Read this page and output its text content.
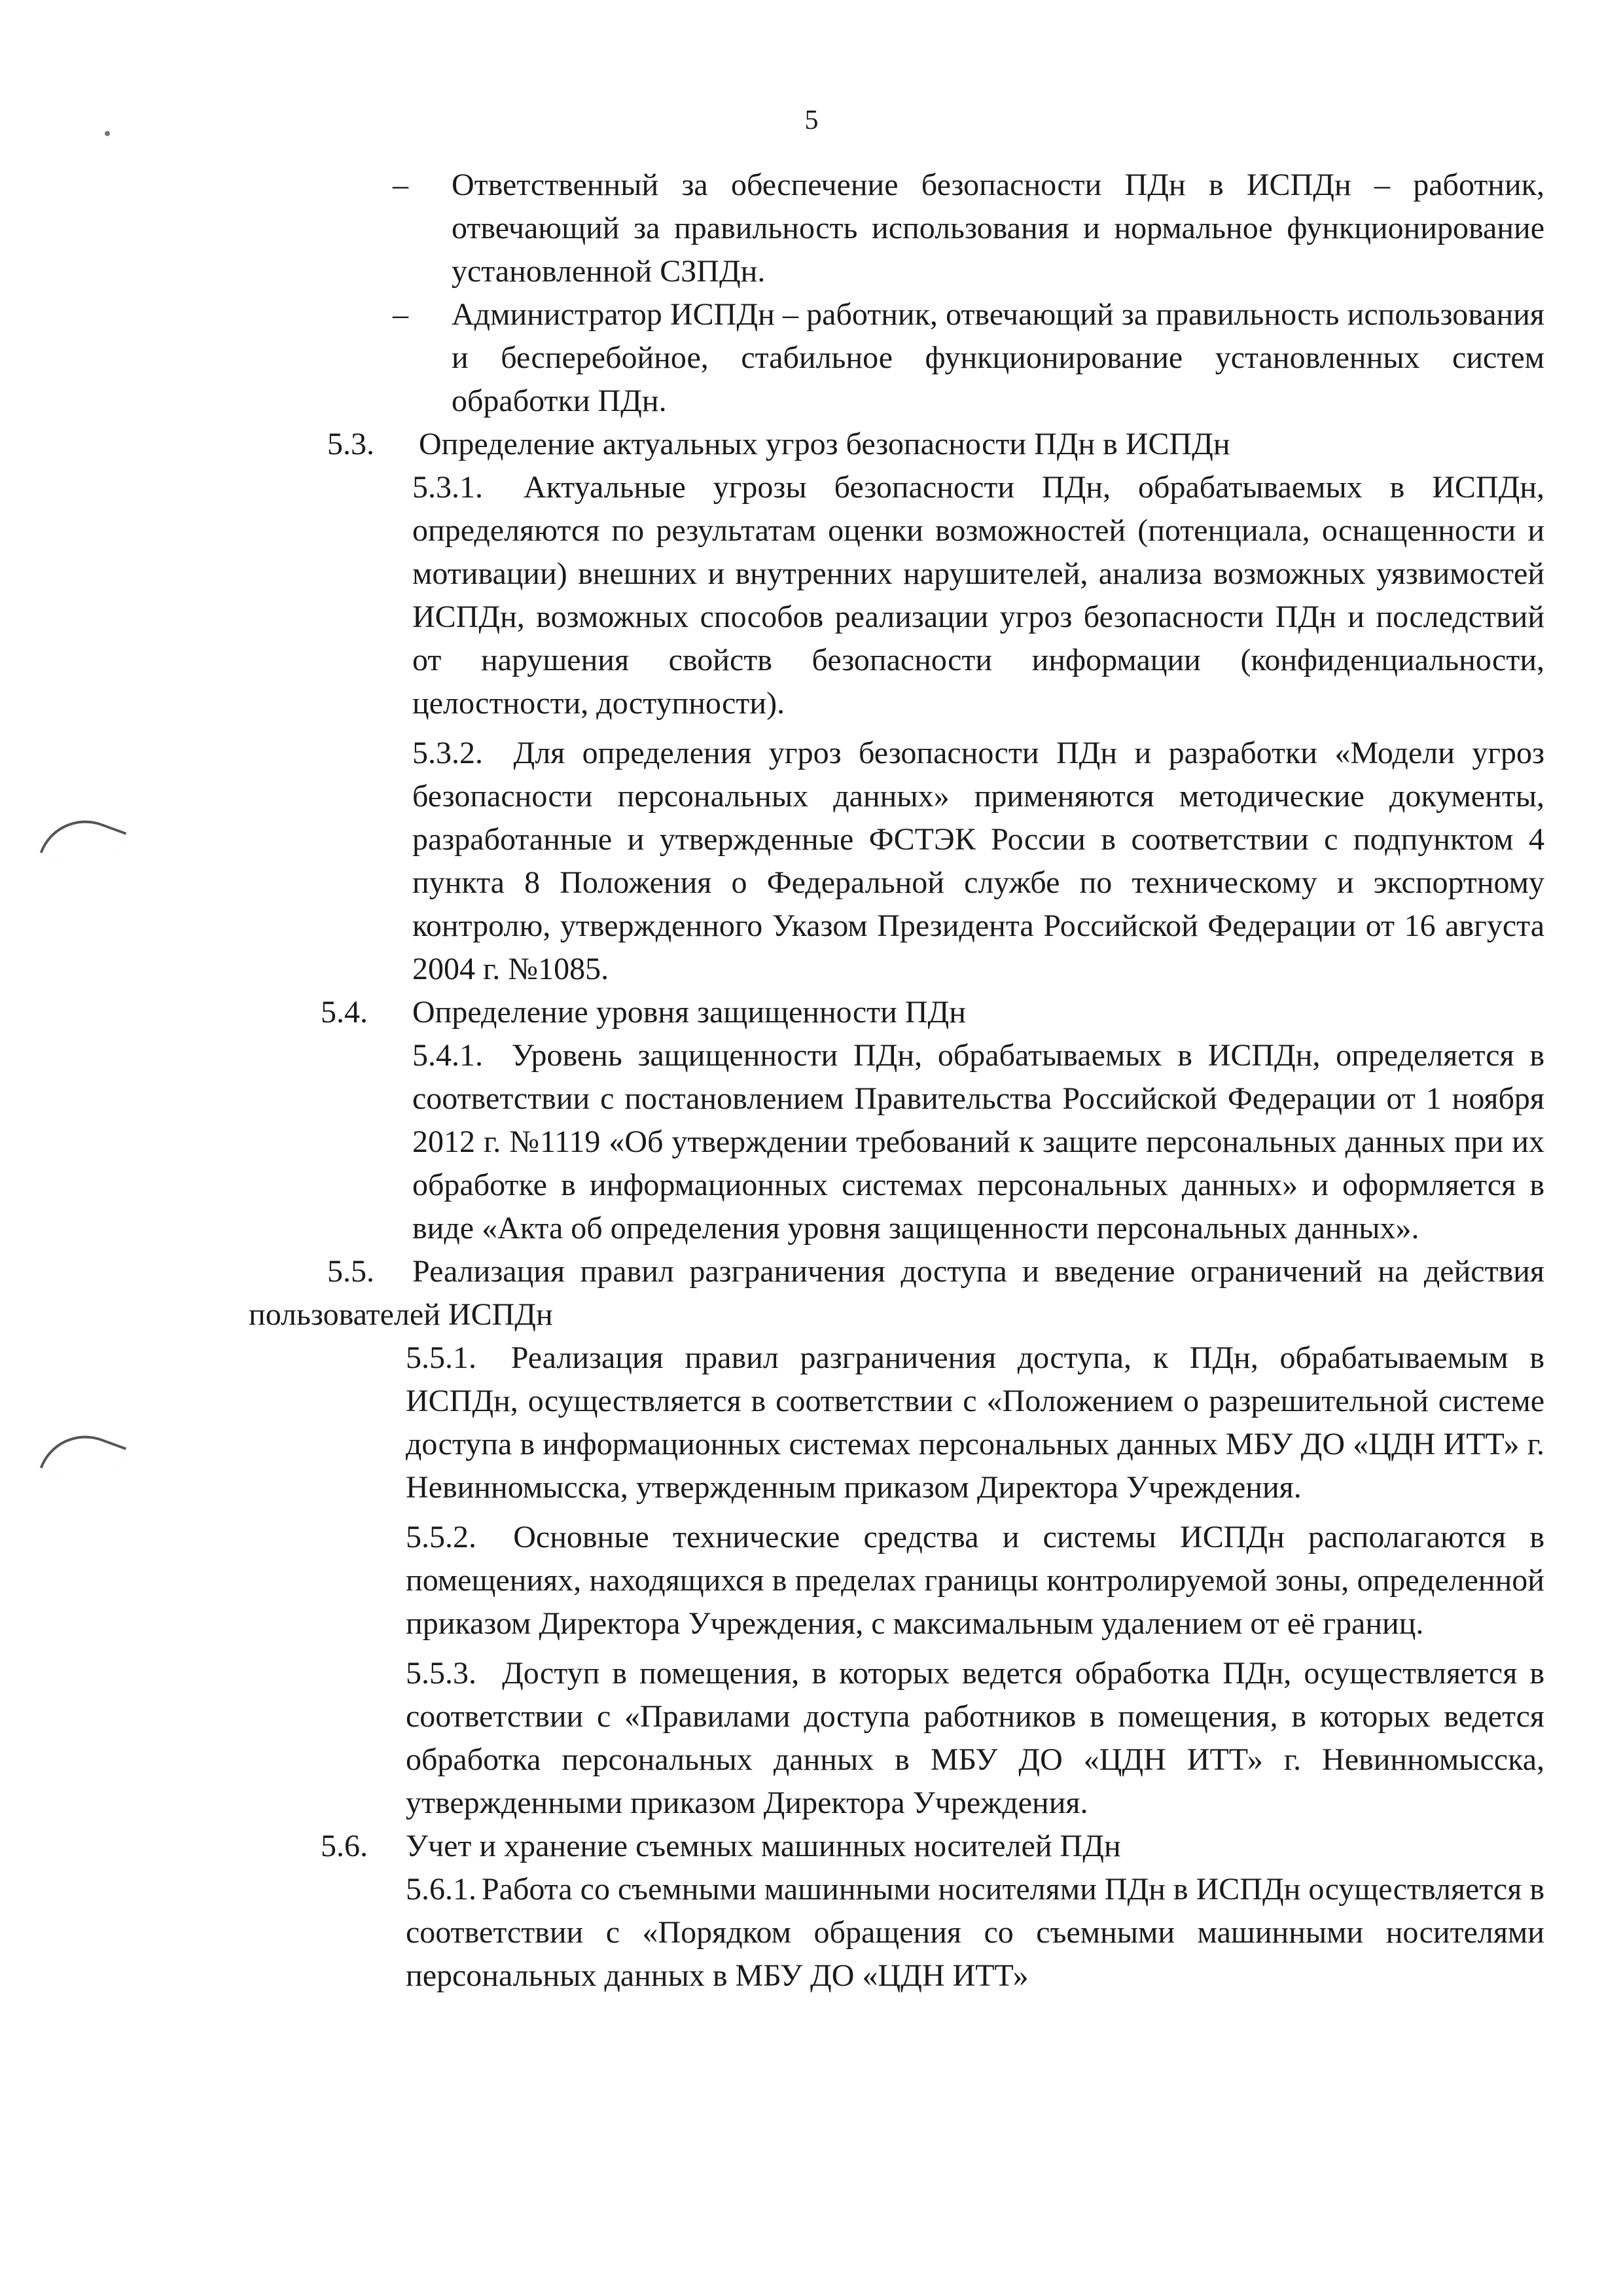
5
– Ответственный за обеспечение безопасности ПДн в ИСПДн – работник, отвечающий за правильность использования и нормальное функционирование установленной СЗПДн.
– Администратор ИСПДн – работник, отвечающий за правильность использования и бесперебойное, стабильное функционирование установленных систем обработки ПДн.
5.3. Определение актуальных угроз безопасности ПДн в ИСПДн
5.3.1. Актуальные угрозы безопасности ПДн, обрабатываемых в ИСПДн, определяются по результатам оценки возможностей (потенциала, оснащенности и мотивации) внешних и внутренних нарушителей, анализа возможных уязвимостей ИСПДн, возможных способов реализации угроз безопасности ПДн и последствий от нарушения свойств безопасности информации (конфиденциальности, целостности, доступности).
5.3.2. Для определения угроз безопасности ПДн и разработки «Модели угроз безопасности персональных данных» применяются методические документы, разработанные и утвержденные ФСТЭК России в соответствии с подпунктом 4 пункта 8 Положения о Федеральной службе по техническому и экспортному контролю, утвержденного Указом Президента Российской Федерации от 16 августа 2004 г. №1085.
5.4. Определение уровня защищенности ПДн
5.4.1. Уровень защищенности ПДн, обрабатываемых в ИСПДн, определяется в соответствии с постановлением Правительства Российской Федерации от 1 ноября 2012 г. №1119 «Об утверждении требований к защите персональных данных при их обработке в информационных системах персональных данных» и оформляется в виде «Акта об определения уровня защищенности персональных данных».
5.5. Реализация правил разграничения доступа и введение ограничений на действия пользователей ИСПДн
5.5.1. Реализация правил разграничения доступа, к ПДн, обрабатываемым в ИСПДн, осуществляется в соответствии с «Положением о разрешительной системе доступа в информационных системах персональных данных МБУ ДО «ЦДН ИТТ» г. Невинномысска, утвержденным приказом Директора Учреждения.
5.5.2. Основные технические средства и системы ИСПДн располагаются в помещениях, находящихся в пределах границы контролируемой зоны, определенной приказом Директора Учреждения, с максимальным удалением от её границ.
5.5.3. Доступ в помещения, в которых ведется обработка ПДн, осуществляется в соответствии с «Правилами доступа работников в помещения, в которых ведется обработка персональных данных в МБУ ДО «ЦДН ИТТ» г. Невинномысска, утвержденными приказом Директора Учреждения.
5.6. Учет и хранение съемных машинных носителей ПДн
5.6.1. Работа со съемными машинными носителями ПДн в ИСПДн осуществляется в соответствии с «Порядком обращения со съемными машинными носителями персональных данных в МБУ ДО «ЦДН ИТТ»
